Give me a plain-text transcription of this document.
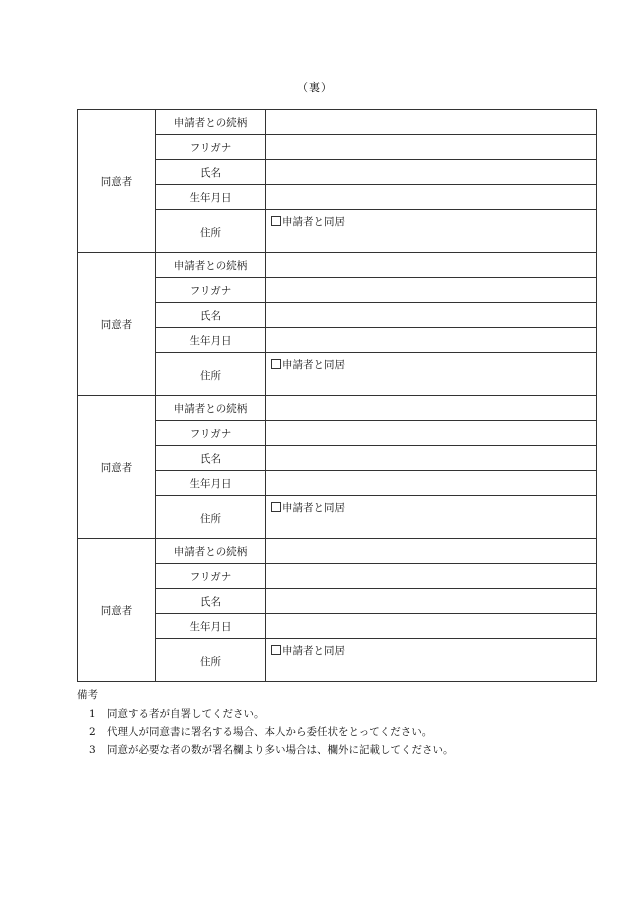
（裏）
同意者	申請者との続柄	
	フリガナ	
	氏名	
	生年月日	
	住所	申請者と同居
同意者	申請者との続柄	
	フリガナ	
	氏名	
	生年月日	
	住所	申請者と同居
同意者	申請者との続柄	
	フリガナ	
	氏名	
	生年月日	
	住所	申請者と同居
同意者	申請者との続柄	
	フリガナ	
	氏名	
	生年月日	
	住所	申請者と同居
備考
1 同意する者が自署してください。
2 代理人が同意書に署名する場合、本人から委任状をとってください。
3 同意が必要な者の数が署名欄より多い場合は、欄外に記載してください。
